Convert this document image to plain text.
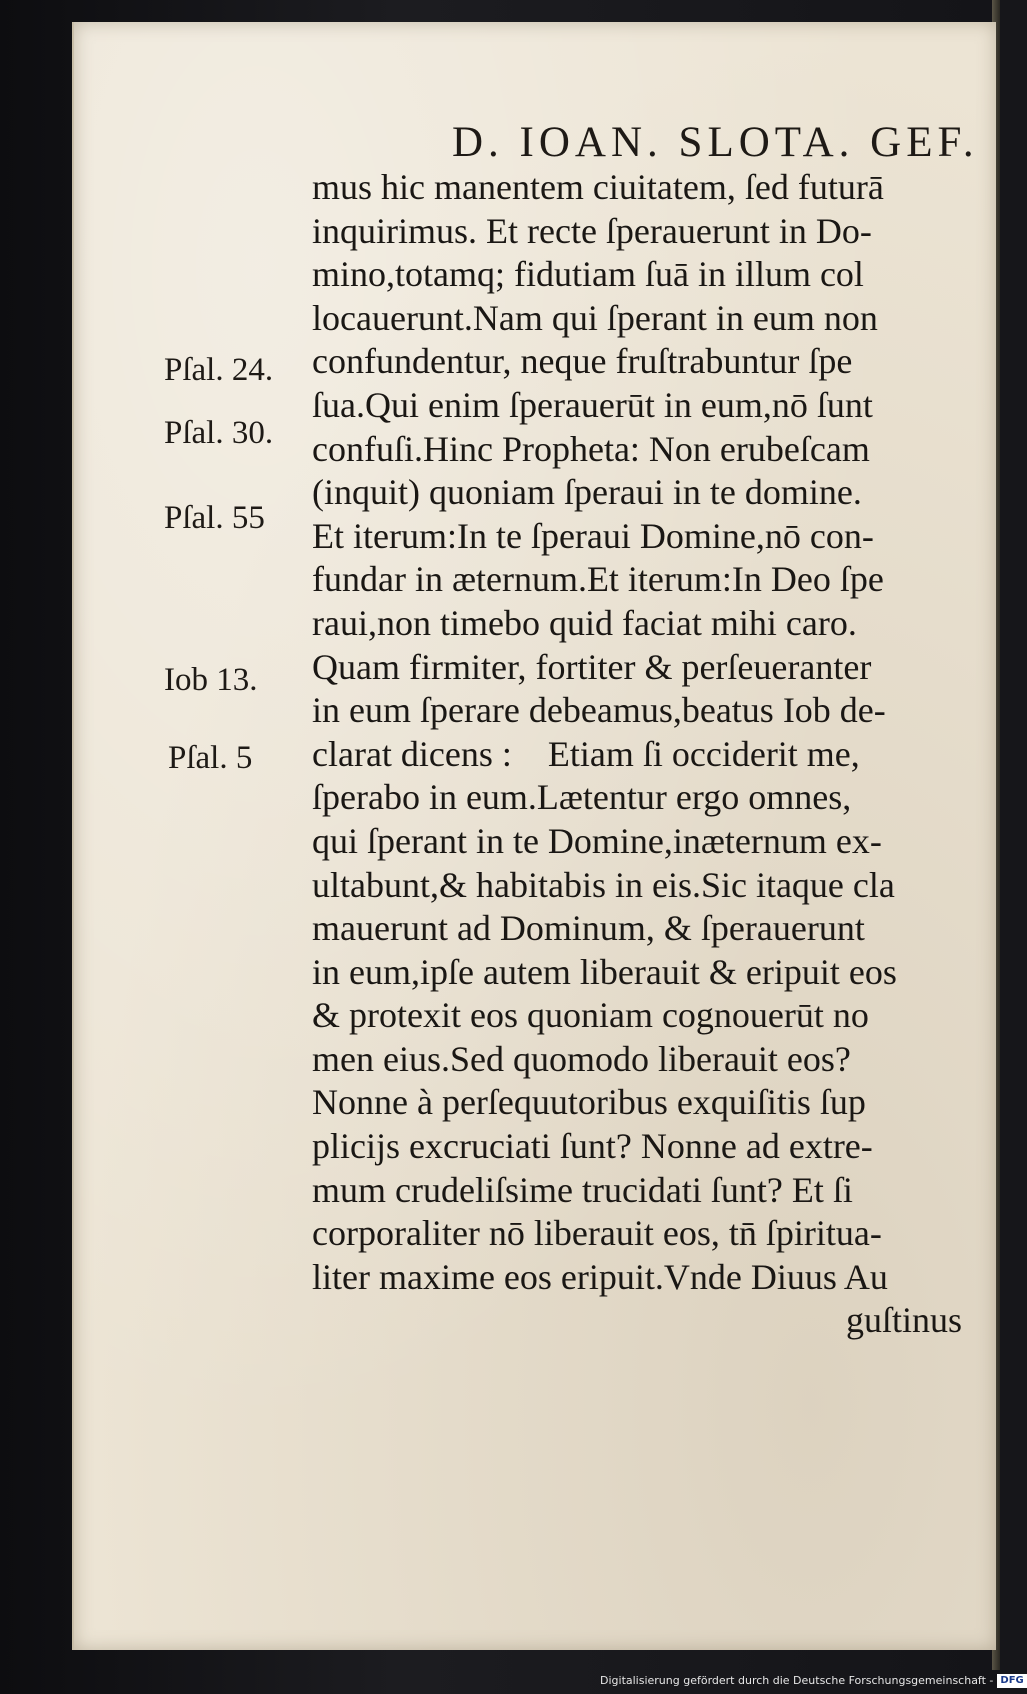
D. IOAN. SLOTA. GEF.
Pſal. 24.
Pſal. 30.
Pſal. 55
Iob 13.
Pſal. 5
mus hic manentem ciuitatem, ſed futurā
inquirimus. Et recte ſperauerunt in Do-
mino,totamq; fidutiam ſuā in illum col
locauerunt.Nam qui ſperant in eum non
confundentur, neque fruſtrabuntur ſpe
ſua.Qui enim ſperauerūt in eum,nō ſunt
confuſi.Hinc Propheta: Non erubeſcam
(inquit) quoniam ſperaui in te domine.
Et iterum:In te ſperaui Domine,nō con-
fundar in æternum.Et iterum:In Deo ſpe
raui,non timebo quid faciat mihi caro.
Quam firmiter, fortiter & perſeueranter
in eum ſperare debeamus,beatus Iob de-
clarat dicens :    Etiam ſi occiderit me,
ſperabo in eum.Lætentur ergo omnes,
qui ſperant in te Domine,inæternum ex-
ultabunt,& habitabis in eis.Sic itaque cla
mauerunt ad Dominum, & ſperauerunt
in eum,ipſe autem liberauit & eripuit eos
& protexit eos quoniam cognouerūt no
men eius.Sed quomodo liberauit eos?
Nonne à perſequutoribus exquiſitis ſup
plicijs excruciati ſunt? Nonne ad extre-
mum crudeliſsime trucidati ſunt? Et ſi
corporaliter nō liberauit eos, tn̄ ſpiritua-
liter maxime eos eripuit.Vnde Diuus Au
guſtinus
Digitalisierung gefördert durch die Deutsche Forschungsgemeinschaft - DFG
